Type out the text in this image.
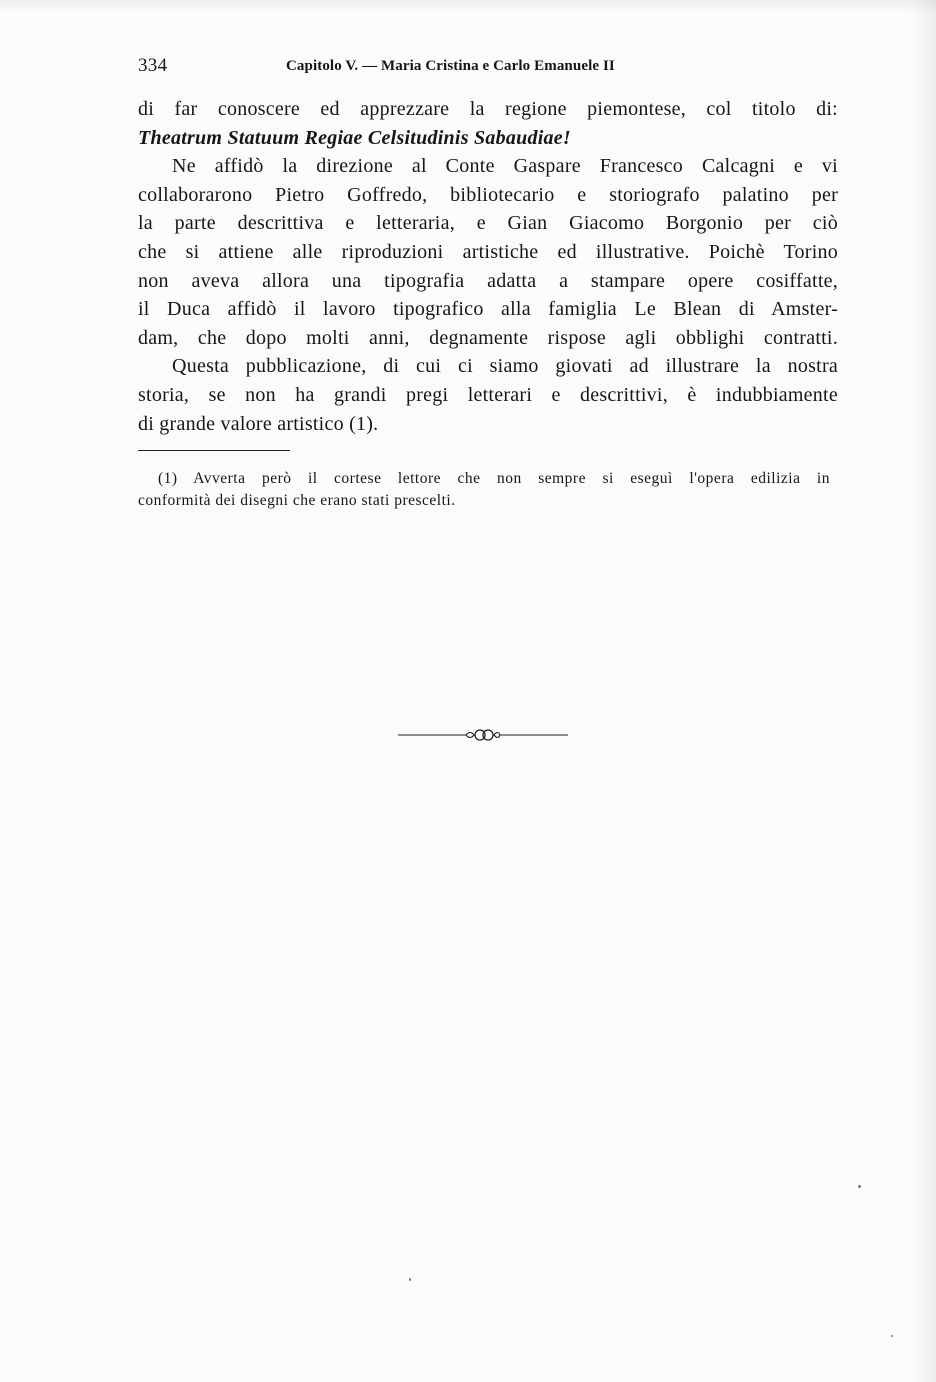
334	Capitolo V. — Maria Cristina e Carlo Emanuele II
di far conoscere ed apprezzare la regione piemontese, col titolo di:
Theatrum Statuum Regiae Celsitudinis Sabaudiae!
Ne affidò la direzione al Conte Gaspare Francesco Calcagni e vi
collaborarono Pietro Goffredo, bibliotecario e storiografo palatino per
la parte descrittiva e letteraria, e Gian Giacomo Borgonio per ciò
che si attiene alle riproduzioni artistiche ed illustrative. Poichè Torino
non aveva allora una tipografia adatta a stampare opere cosiffatte,
il Duca affidò il lavoro tipografico alla famiglia Le Blean di Amster-
dam, che dopo molti anni, degnamente rispose agli obblighi contratti.
Questa pubblicazione, di cui ci siamo giovati ad illustrare la nostra
storia, se non ha grandi pregi letterari e descrittivi, è indubbiamente
di grande valore artistico (1).
(1) Avverta però il cortese lettore che non sempre si eseguì l'opera edilizia in
conformità dei disegni che erano stati prescelti.
